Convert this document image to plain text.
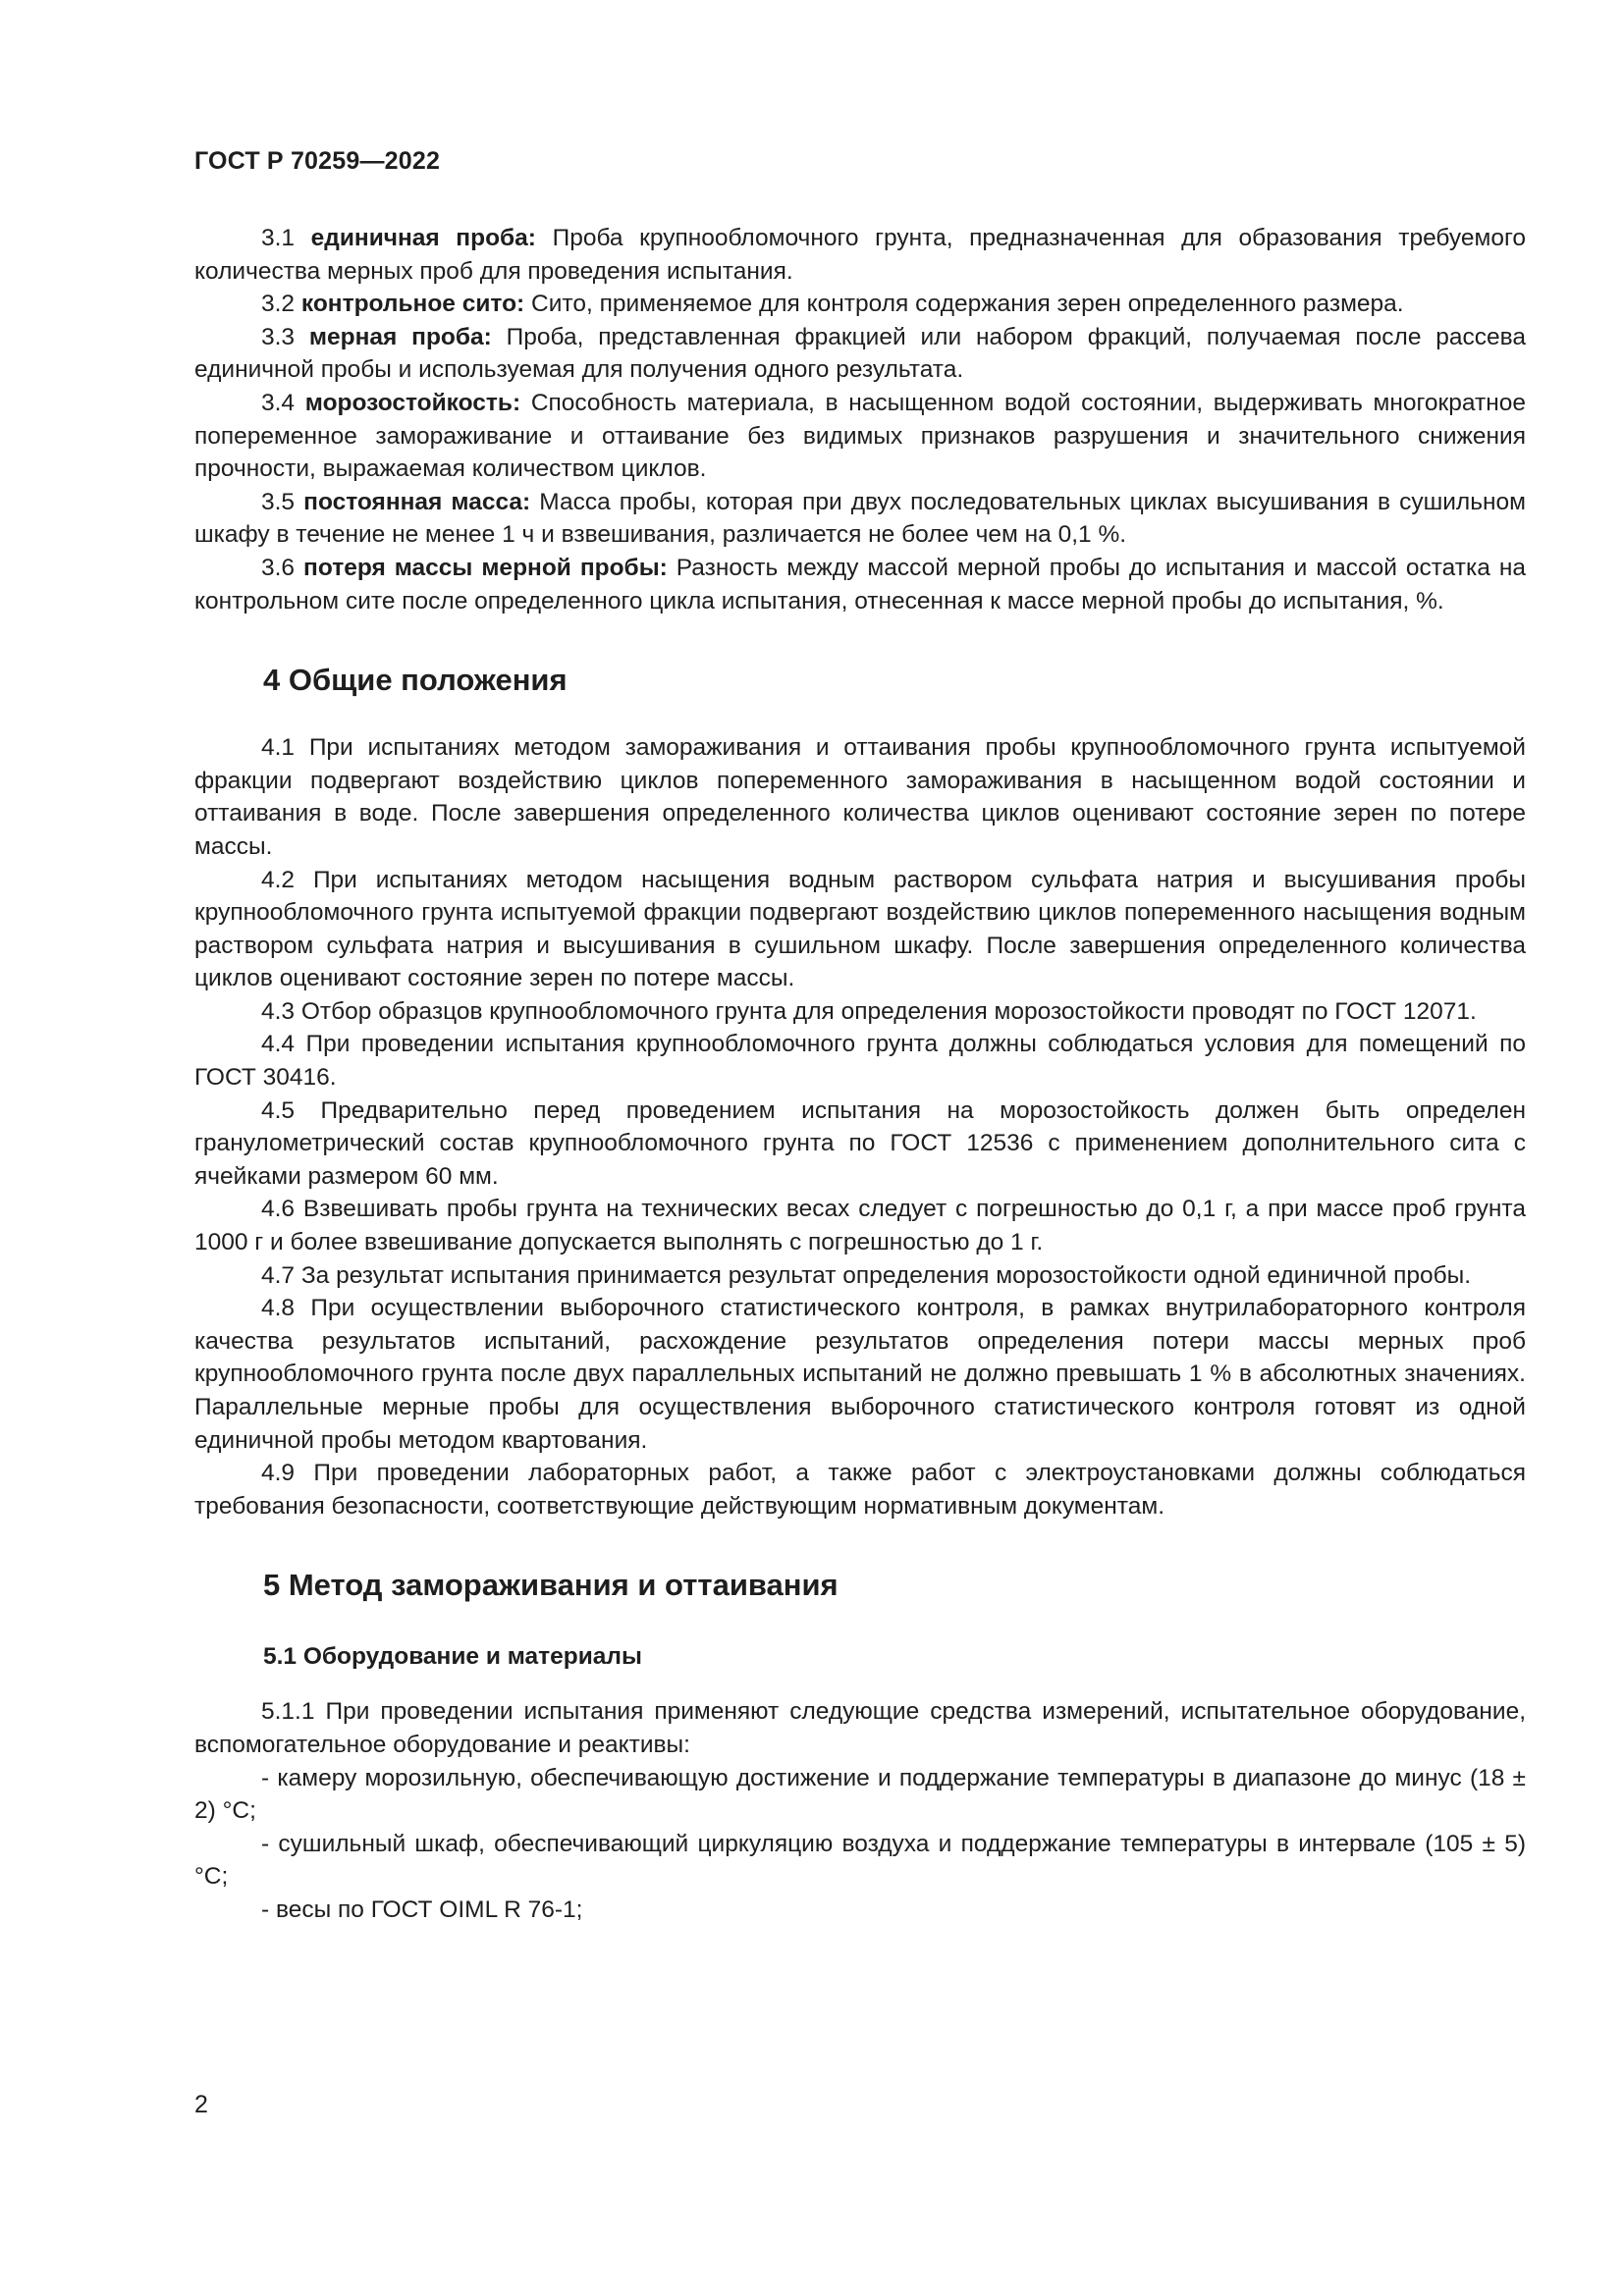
ГОСТ Р 70259—2022

3.1 единичная проба: Проба крупнообломочного грунта, предназначенная для образования требуемого количества мерных проб для проведения испытания.

3.2 контрольное сито: Сито, применяемое для контроля содержания зерен определенного размера.

3.3 мерная проба: Проба, представленная фракцией или набором фракций, получаемая после рассева единичной пробы и используемая для получения одного результата.

3.4 морозостойкость: Способность материала, в насыщенном водой состоянии, выдерживать многократное попеременное замораживание и оттаивание без видимых признаков разрушения и значительного снижения прочности, выражаемая количеством циклов.

3.5 постоянная масса: Масса пробы, которая при двух последовательных циклах высушивания в сушильном шкафу в течение не менее 1 ч и взвешивания, различается не более чем на 0,1 %.

3.6 потеря массы мерной пробы: Разность между массой мерной пробы до испытания и массой остатка на контрольном сите после определенного цикла испытания, отнесенная к массе мерной пробы до испытания, %.

4 Общие положения

4.1 При испытаниях методом замораживания и оттаивания пробы крупнообломочного грунта испытуемой фракции подвергают воздействию циклов попеременного замораживания в насыщенном водой состоянии и оттаивания в воде. После завершения определенного количества циклов оценивают состояние зерен по потере массы.

4.2 При испытаниях методом насыщения водным раствором сульфата натрия и высушивания пробы крупнообломочного грунта испытуемой фракции подвергают воздействию циклов попеременного насыщения водным раствором сульфата натрия и высушивания в сушильном шкафу. После завершения определенного количества циклов оценивают состояние зерен по потере массы.

4.3 Отбор образцов крупнообломочного грунта для определения морозостойкости проводят по ГОСТ 12071.

4.4 При проведении испытания крупнообломочного грунта должны соблюдаться условия для помещений по ГОСТ 30416.

4.5 Предварительно перед проведением испытания на морозостойкость должен быть определен гранулометрический состав крупнообломочного грунта по ГОСТ 12536 с применением дополнительного сита с ячейками размером 60 мм.

4.6 Взвешивать пробы грунта на технических весах следует с погрешностью до 0,1 г, а при массе проб грунта 1000 г и более взвешивание допускается выполнять с погрешностью до 1 г.

4.7 За результат испытания принимается результат определения морозостойкости одной единичной пробы.

4.8 При осуществлении выборочного статистического контроля, в рамках внутрилабораторного контроля качества результатов испытаний, расхождение результатов определения потери массы мерных проб крупнообломочного грунта после двух параллельных испытаний не должно превышать 1 % в абсолютных значениях. Параллельные мерные пробы для осуществления выборочного статистического контроля готовят из одной единичной пробы методом квартования.

4.9 При проведении лабораторных работ, а также работ с электроустановками должны соблюдаться требования безопасности, соответствующие действующим нормативным документам.

5 Метод замораживания и оттаивания
5.1 Оборудование и материалы

5.1.1 При проведении испытания применяют следующие средства измерений, испытательное оборудование, вспомогательное оборудование и реактивы:

- камеру морозильную, обеспечивающую достижение и поддержание температуры в диапазоне до минус (18 ± 2) °С;

- сушильный шкаф, обеспечивающий циркуляцию воздуха и поддержание температуры в интервале (105 ± 5) °С;

- весы по ГОСТ OIML R 76-1;

2
